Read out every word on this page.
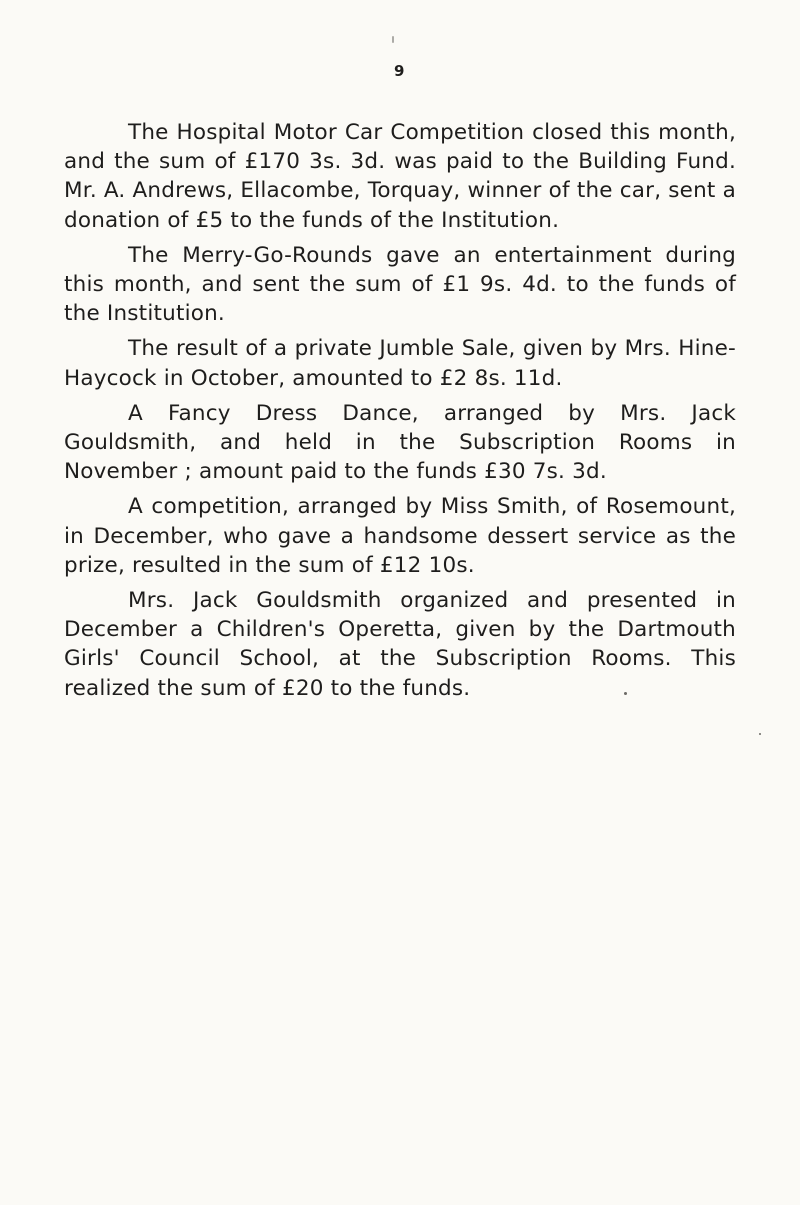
9

The Hospital Motor Car Competition closed this month, and the sum of £170 3s. 3d. was paid to the Building Fund. Mr. A. Andrews, Ellacombe, Torquay, winner of the car, sent a donation of £5 to the funds of the Institution.

The Merry-Go-Rounds gave an entertainment during this month, and sent the sum of £1 9s. 4d. to the funds of the Institution.

The result of a private Jumble Sale, given by Mrs. Hine-Haycock in October, amounted to £2 8s. 11d.

A Fancy Dress Dance, arranged by Mrs. Jack Gouldsmith, and held in the Subscription Rooms in November ; amount paid to the funds £30 7s. 3d.

A competition, arranged by Miss Smith, of Rosemount, in December, who gave a handsome dessert service as the prize, resulted in the sum of £12 10s.

Mrs. Jack Gouldsmith organized and presented in December a Children's Operetta, given by the Dartmouth Girls' Council School, at the Subscription Rooms. This realized the sum of £20 to the funds.
